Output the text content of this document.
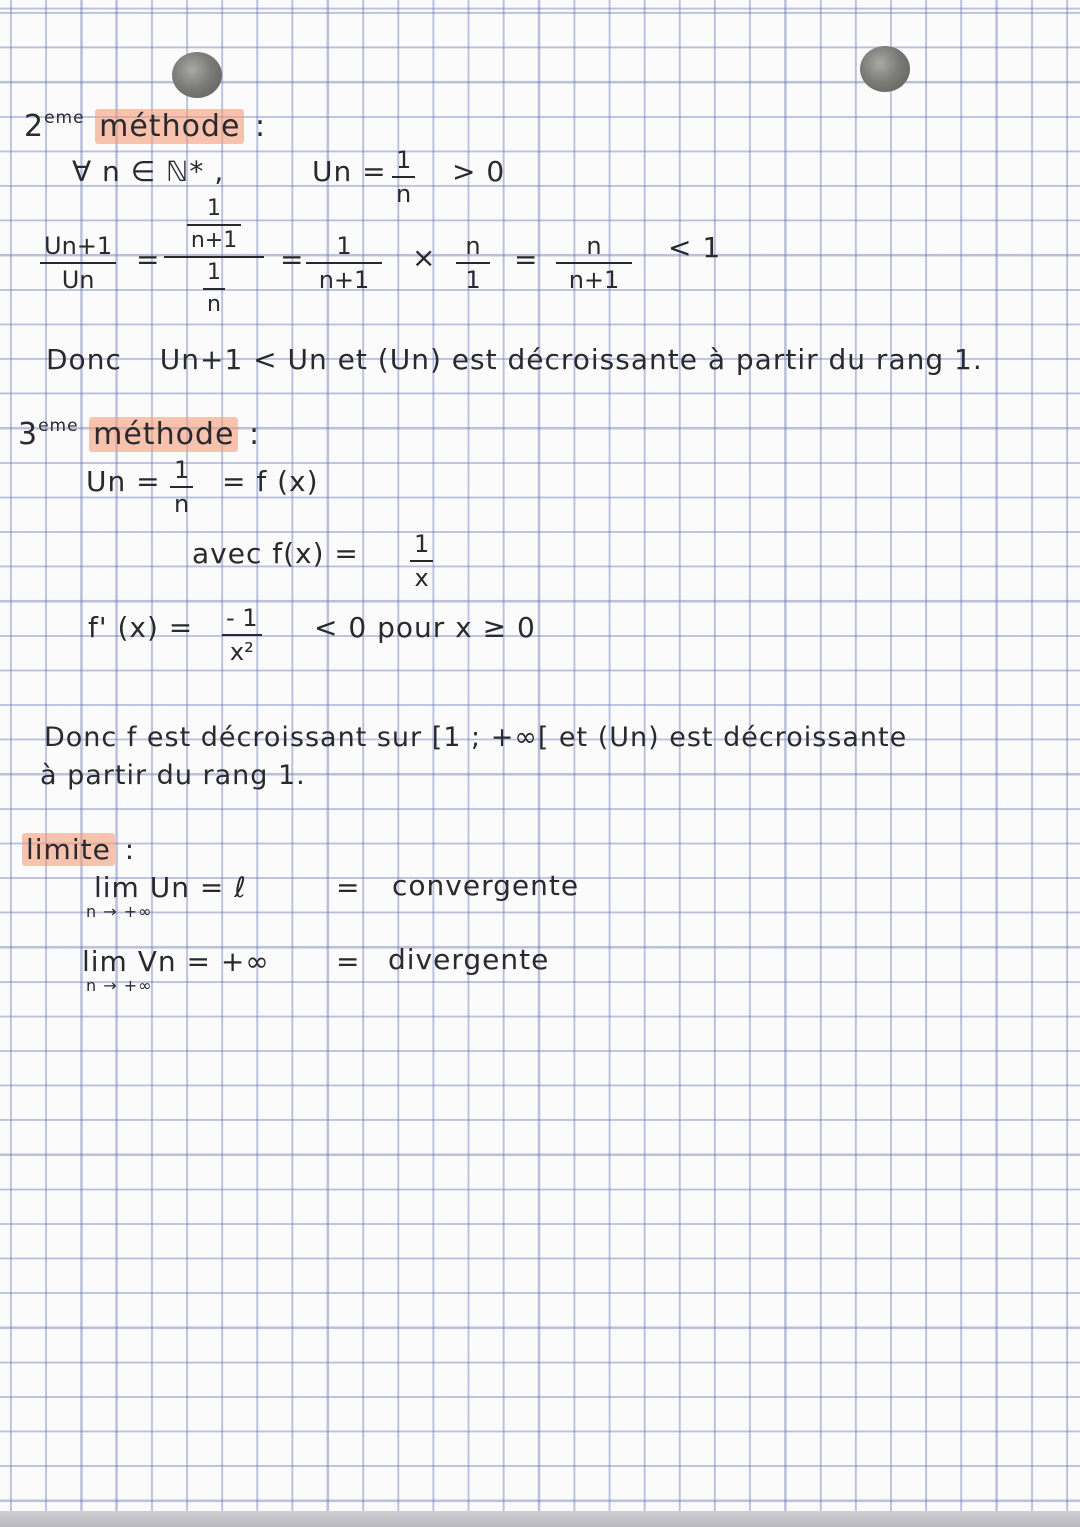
2eme méthode :
∀ n ∈ ℕ* ,	Un = 1
n
> 0
Un+1
Un
=
$\frac{1}{n+1}$
$\frac{1}{n}$
= 1
n+1
× n
1
= n
n+1
< 1
Donc Un+1 < Un et (Un) est décroissante à partir du rang 1.
3eme méthode :
Un = 1
n
= f (x)
avec f(x) = 1
x
f' (x) = - 1
x²
< 0 pour x ≥ 0
Donc f est décroissant sur [1 ; +∞[ et (Un) est décroissante
à partir du rang 1.
limite :
lim Un = ℓ
n → +∞
= convergente
lim Vn = +∞
n → +∞
= divergente
